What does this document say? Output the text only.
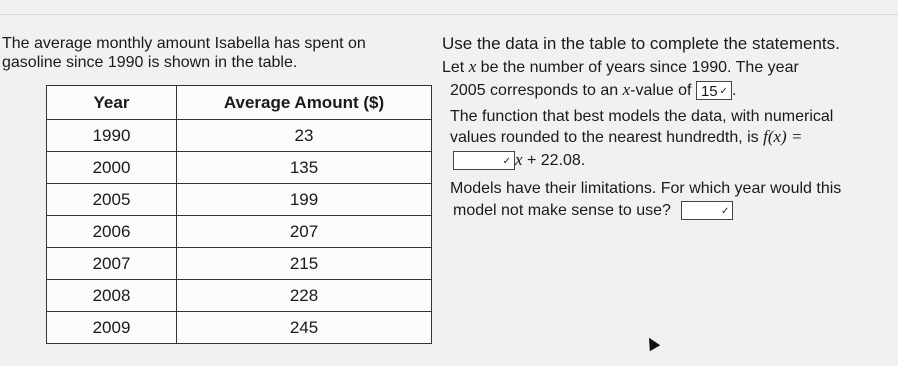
The average monthly amount Isabella has spent on
gasoline since 1990 is shown in the table.
Year	Average Amount ($)
1990	23
2000	135
2005	199
2006	207
2007	215
2008	228
2009	245
Use the data in the table to complete the statements.
Let x be the number of years since 1990. The year
2005 corresponds to an x-value of 15 ✓ .
The function that best models the data, with numerical
values rounded to the nearest hundredth, is f(x) =
✓ x + 22.08.
Models have their limitations. For which year would this
model not make sense to use?	✓
